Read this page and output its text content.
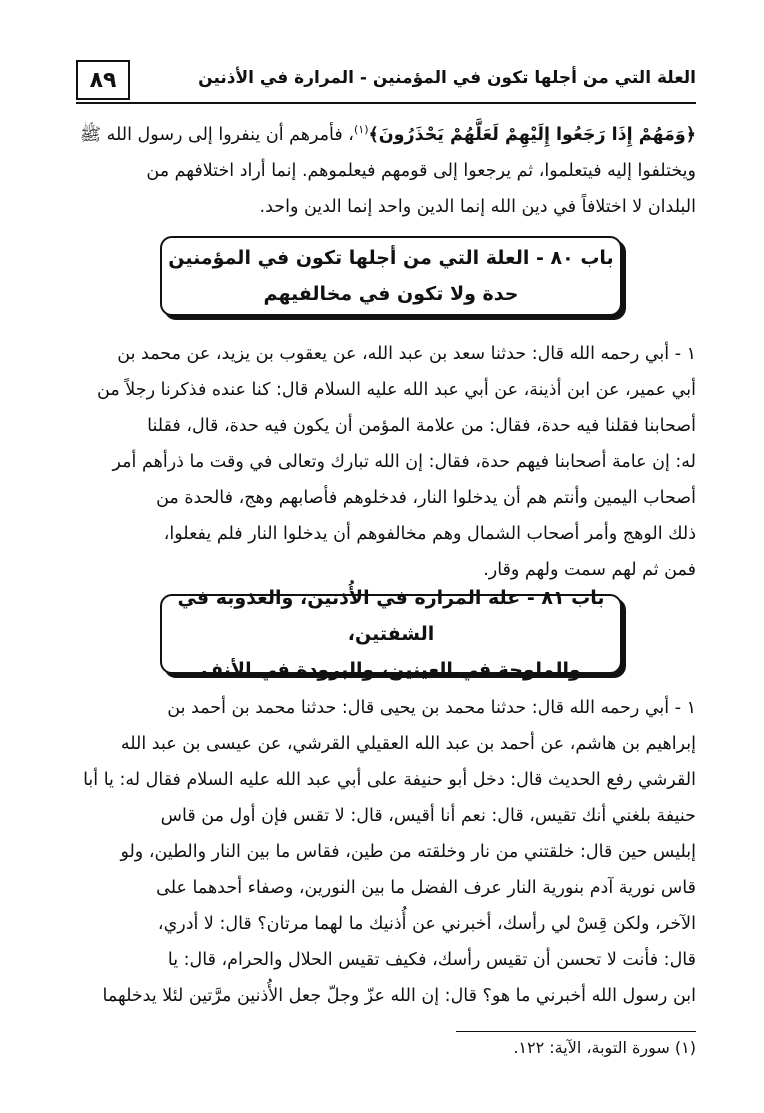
٨٩	العلة التي من أجلها تكون في المؤمنين - المرارة في الأذنين

﴿وَمَهُمْ إِذَا رَجَعُوا إِلَيْهِمْ لَعَلَّهُمْ يَحْذَرُونَ﴾$^{(١)}$، فأمرهم أن ينفروا إلى رسول الله ﷺ

ويختلفوا إليه فيتعلموا، ثم يرجعوا إلى قومهم فيعلموهم. إنما أراد اختلافهم من

البلدان لا اختلافاً في دين الله إنما الدين واحد إنما الدين واحد.

باب ٨٠ - العلة التي من أجلها تكون في المؤمنين
حدة ولا تكون في مخالفيهم

١ - أبي رحمه الله قال: حدثنا سعد بن عبد الله، عن يعقوب بن يزيد، عن محمد بن

أبي عمير، عن ابن أذينة، عن أبي عبد الله عليه السلام قال: كنا عنده فذكرنا رجلاً من

أصحابنا فقلنا فيه حدة، فقال: من علامة المؤمن أن يكون فيه حدة، قال، فقلنا

له: إن عامة أصحابنا فيهم حدة، فقال: إن الله تبارك وتعالى في وقت ما ذرأهم أمر

أصحاب اليمين وأنتم هم أن يدخلوا النار، فدخلوهم فأصابهم وهج، فالحدة من

ذلك الوهج وأمر أصحاب الشمال وهم مخالفوهم أن يدخلوا النار فلم يفعلوا،

فمن ثم لهم سمت ولهم وقار.

باب ٨١ - علة المرارة في الأُذنين، والعذوبة في الشفتين،
والملوحة في العينين، والبرودة في الأنف

١ - أبي رحمه الله قال: حدثنا محمد بن يحيى قال: حدثنا محمد بن أحمد بن

إبراهيم بن هاشم، عن أحمد بن عبد الله العقيلي القرشي، عن عيسى بن عبد الله

القرشي رفع الحديث قال: دخل أبو حنيفة على أبي عبد الله عليه السلام فقال له: يا أبا

حنيفة بلغني أنك تقيس، قال: نعم أنا أقيس، قال: لا تقس فإن أول من قاس

إبليس حين قال: خلقتني من نار وخلقته من طين، فقاس ما بين النار والطين، ولو

قاس نورية آدم بنورية النار عرف الفضل ما بين النورين، وصفاء أحدهما على

الآخر، ولكن قِسْ لي رأسك، أخبرني عن أُذنيك ما لهما مرتان؟ قال: لا أدري،

قال: فأنت لا تحسن أن تقيس رأسك، فكيف تقيس الحلال والحرام، قال: يا

ابن رسول الله أخبرني ما هو؟ قال: إن الله عزّ وجلّ جعل الأُذنين مرَّتين لئلا يدخلهما

(١) سورة التوبة، الآية: ١٢٢.
